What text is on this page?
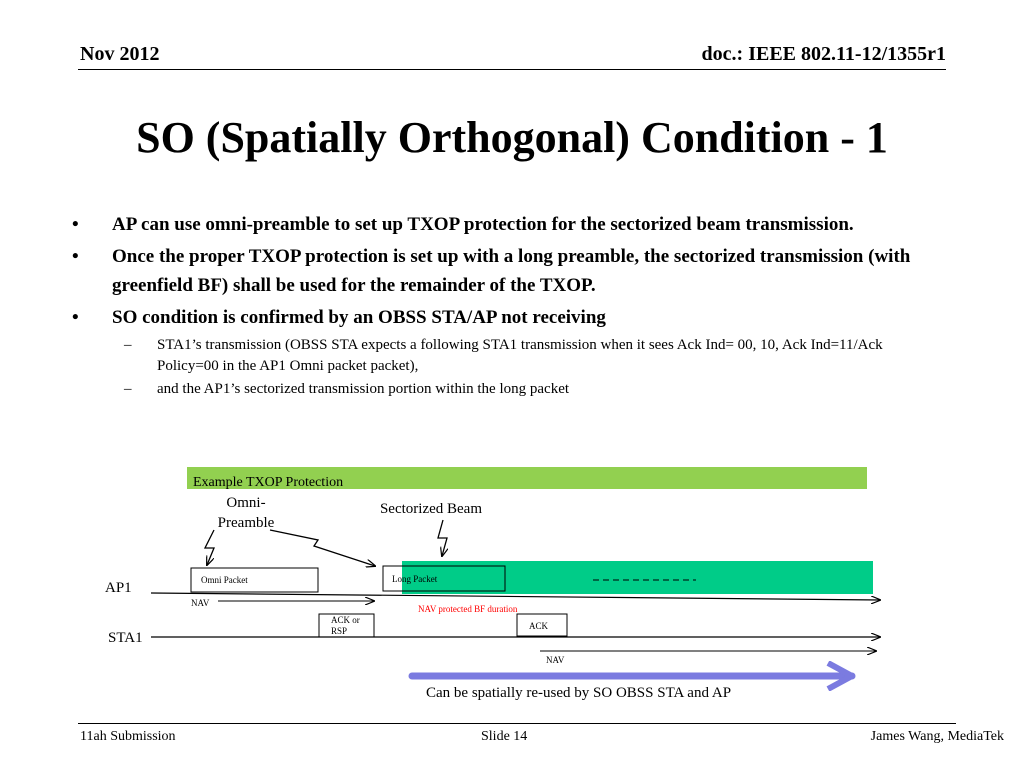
Nov 2012	doc.: IEEE 802.11-12/1355r1
SO (Spatially Orthogonal) Condition - 1
• AP can use omni-preamble to set up TXOP protection for the sectorized beam transmission.
• Once the proper TXOP protection is set up with a long preamble, the sectorized transmission (with greenfield BF) shall be used for the remainder of the TXOP.
• SO condition is confirmed by an OBSS STA/AP not receiving
– STA1’s transmission (OBSS STA expects a following STA1 transmission when it sees Ack Ind= 00, 10, Ack Ind=11/Ack Policy=00 in the AP1 Omni packet packet),
– and the AP1’s sectorized transmission portion within the long packet
Example TXOP Protection
Omni-
Preamble
Sectorized Beam
AP1	Omni Packet	Long Packet
NAV
NAV protected BF duration
ACK or
RSP	ACK
STA1
NAV
Can be spatially re-used by SO OBSS STA and AP
11ah Submission	Slide 14	James Wang, MediaTek
